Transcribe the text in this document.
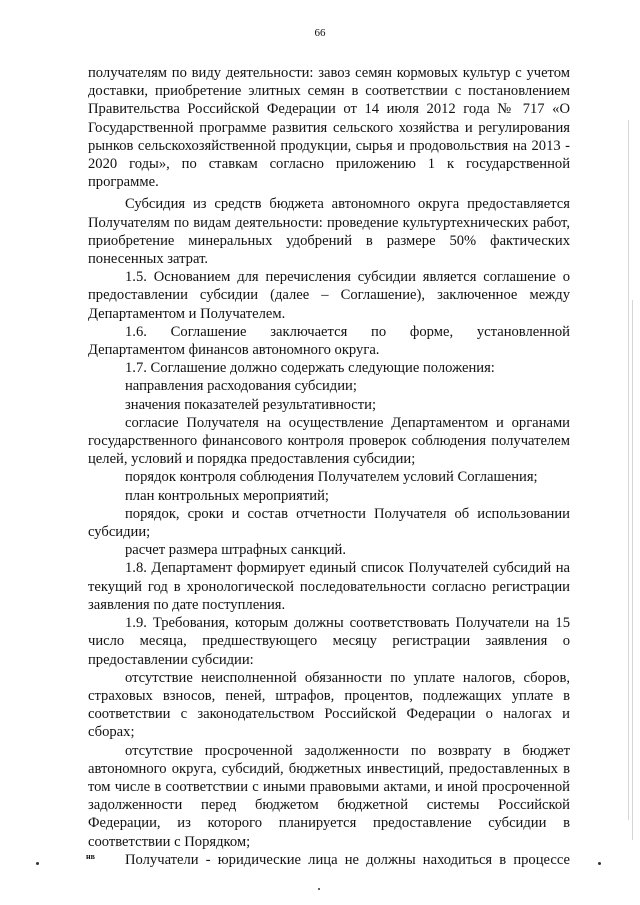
66

получателям по виду деятельности: завоз семян кормовых культур с учетом доставки, приобретение элитных семян в соответствии с постановлением Правительства Российской Федерации от 14 июля 2012 года № 717 «О Государственной программе развития сельского хозяйства и регулирования рынков сельскохозяйственной продукции, сырья и продовольствия на 2013 - 2020 годы», по ставкам согласно приложению 1 к государственной программе.

Субсидия из средств бюджета автономного округа предоставляется Получателям по видам деятельности: проведение культуртехнических работ, приобретение минеральных удобрений в размере 50% фактических понесенных затрат.

1.5. Основанием для перечисления субсидии является соглашение о предоставлении субсидии (далее – Соглашение), заключенное между Департаментом и Получателем.

1.6. Соглашение заключается по форме, установленной Департаментом финансов автономного округа.

1.7. Соглашение должно содержать следующие положения:

направления расходования субсидии;

значения показателей результативности;

согласие Получателя на осуществление Департаментом и органами государственного финансового контроля проверок соблюдения получателем целей, условий и порядка предоставления субсидии;

порядок контроля соблюдения Получателем условий Соглашения;

план контрольных мероприятий;

порядок, сроки и состав отчетности Получателя об использовании субсидии;

расчет размера штрафных санкций.

1.8. Департамент формирует единый список Получателей субсидий на текущий год в хронологической последовательности согласно регистрации заявления по дате поступления.

1.9. Требования, которым должны соответствовать Получатели на 15 число месяца, предшествующего месяцу регистрации заявления о предоставлении субсидии:

отсутствие неисполненной обязанности по уплате налогов, сборов, страховых взносов, пеней, штрафов, процентов, подлежащих уплате в соответствии с законодательством Российской Федерации о налогах и сборах;

отсутствие просроченной задолженности по возврату в бюджет автономного округа, субсидий, бюджетных инвестиций, предоставленных в том числе в соответствии с иными правовыми актами, и иной просроченной задолженности перед бюджетом бюджетной системы Российской Федерации, из которого планируется предоставление субсидии в соответствии с Порядком;

Получатели - юридические лица не должны находиться в процессе

нв
